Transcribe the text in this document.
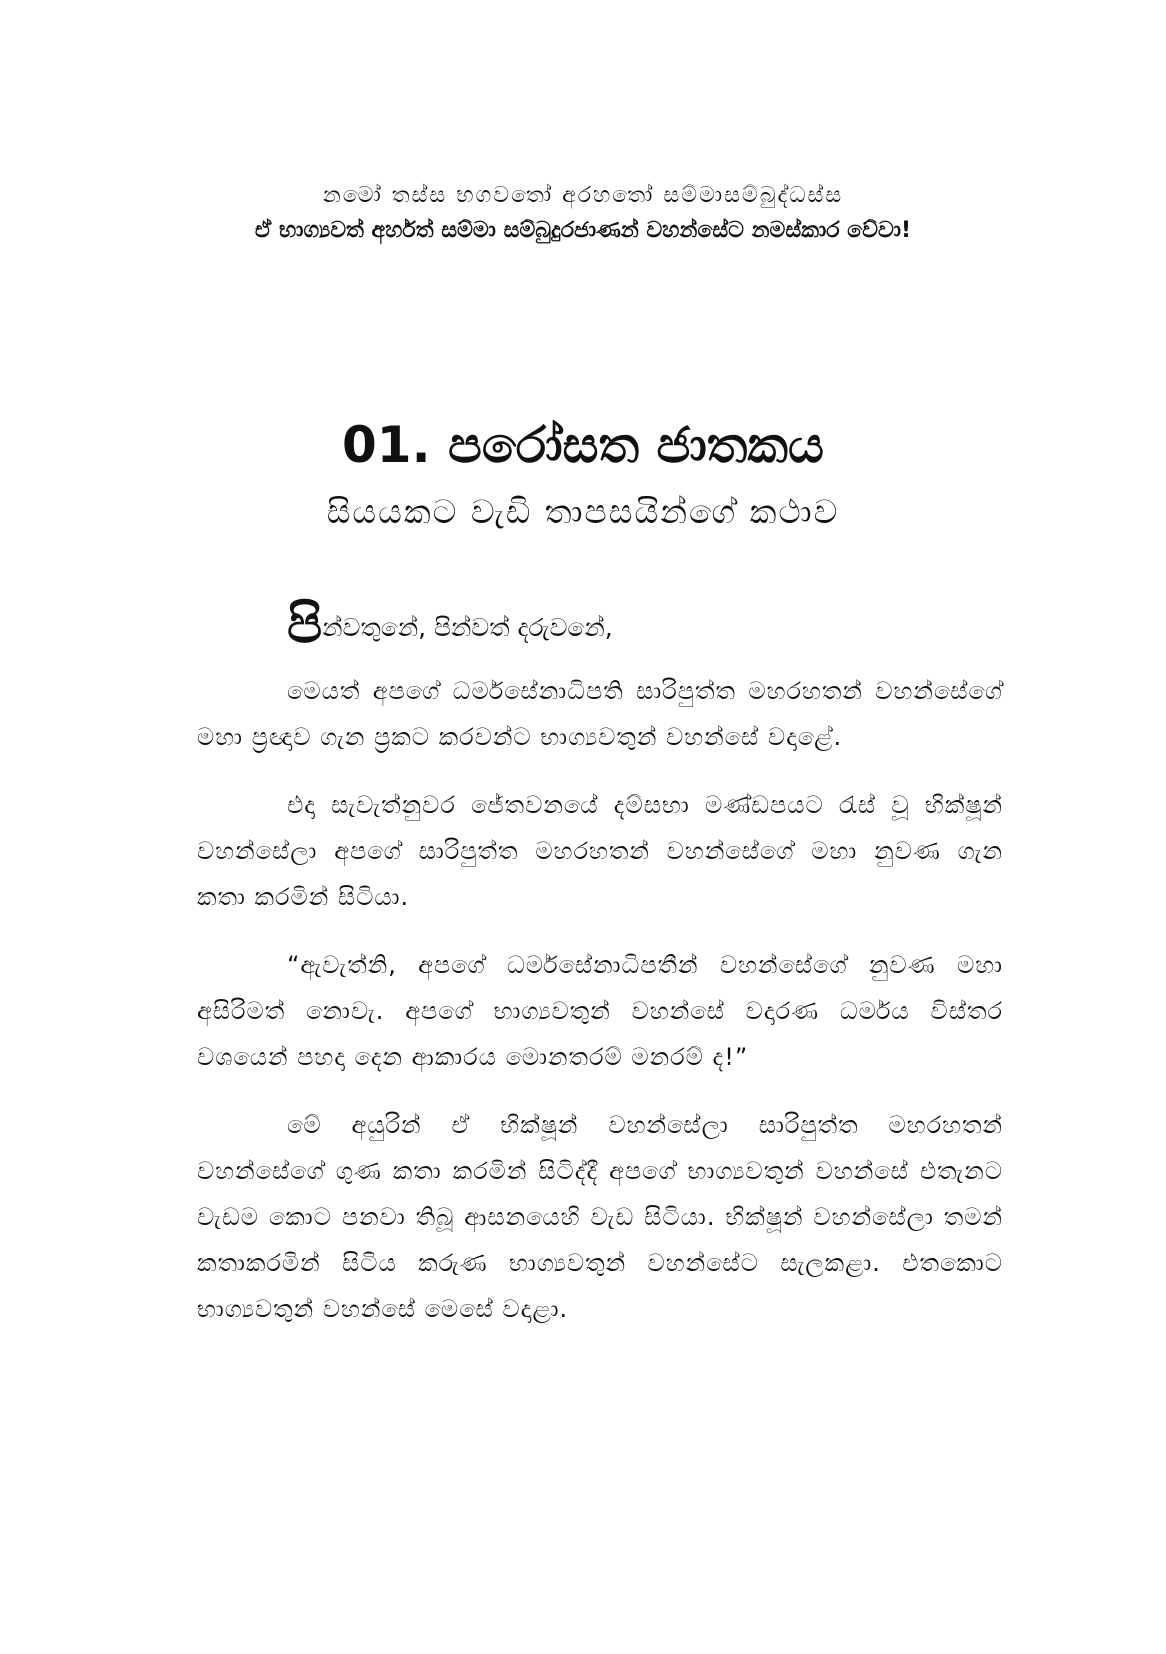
නමෝ තස්ස භගවතෝ අරහතෝ සම්මාසම්බුද්ධස්ස
ඒ භාග්‍යවත් අර්හත් සම්මා සම්බුදුරජාණන් වහන්සේට නමස්කාර වේවා!
01. පරෝසත ජාතකය
සියයකට වැඩි තාපසයින්ගේ කථාව
පින්වතුනේ, පින්වත් දරුවනේ,

මෙයත් අපගේ ධර්මසේනාධිපති සාරිපුත්ත මහරහතන් වහන්සේගේ මහා ප්‍රඥාව ගැන ප්‍රකට කරවන්ට භාග්‍යවතුන් වහන්සේ වදාළේ.

එදා සැවැත්නුවර ජේතවනයේ දම්සභා මණ්ඩපයට රැස් වූ භික්ෂූන් වහන්සේලා අපගේ සාරිපුත්ත මහරහතන් වහන්සේගේ මහා නුවණ ගැන කතා කරමින් සිටියා.

“ඇවැත්නි, අපගේ ධර්මසේනාධිපතීන් වහන්සේගේ නුවණ මහා අසිරිමත් නොවැ. අපගේ භාග්‍යවතුන් වහන්සේ වදාරණ ධර්මය විස්තර වශයෙන් පහදා දෙන ආකාරය මොනතරම් මනරම් ද!”

මේ අයුරින් ඒ භික්ෂූන් වහන්සේලා සාරිපුත්ත මහරහතන් වහන්සේගේ ගුණ කතා කරමින් සිටිද්දී අපගේ භාග්‍යවතුන් වහන්සේ එතැනට වැඩම කොට පනවා තිබූ ආසනයෙහි වැඩ සිටියා. භික්ෂූන් වහන්සේලා තමන් කතාකරමින් සිටිය කරුණ භාග්‍යවතුන් වහන්සේට සැලකළා. එතකොට භාග්‍යවතුන් වහන්සේ මෙසේ වදාළා.
